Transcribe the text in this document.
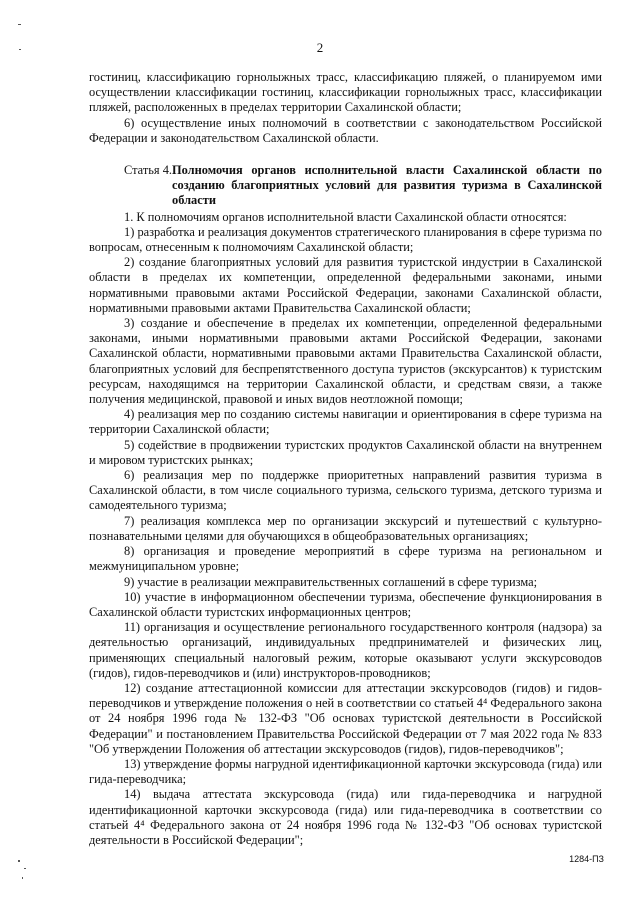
2

гостиниц, классификацию горнолыжных трасс, классификацию пляжей, о планируемом ими осуществлении классификации гостиниц, классификации горнолыжных трасс, классификации пляжей, расположенных в пределах территории Сахалинской области;

6) осуществление иных полномочий в соответствии с законодательством Российской Федерации и законодательством Сахалинской области.

Статья 4. Полномочия органов исполнительной власти Сахалинской области по созданию благоприятных условий для развития туризма в Сахалинской области

1. К полномочиям органов исполнительной власти Сахалинской области относятся:

1) разработка и реализация документов стратегического планирования в сфере туризма по вопросам, отнесенным к полномочиям Сахалинской области;

2) создание благоприятных условий для развития туристской индустрии в Сахалинской области в пределах их компетенции, определенной федеральными законами, иными нормативными правовыми актами Российской Федерации, законами Сахалинской области, нормативными правовыми актами Правительства Сахалинской области;

3) создание и обеспечение в пределах их компетенции, определенной федеральными законами, иными нормативными правовыми актами Российской Федерации, законами Сахалинской области, нормативными правовыми актами Правительства Сахалинской области, благоприятных условий для беспрепятственного доступа туристов (экскурсантов) к туристским ресурсам, находящимся на территории Сахалинской области, и средствам связи, а также получения медицинской, правовой и иных видов неотложной помощи;

4) реализация мер по созданию системы навигации и ориентирования в сфере туризма на территории Сахалинской области;

5) содействие в продвижении туристских продуктов Сахалинской области на внутреннем и мировом туристских рынках;

6) реализация мер по поддержке приоритетных направлений развития туризма в Сахалинской области, в том числе социального туризма, сельского туризма, детского туризма и самодеятельного туризма;

7) реализация комплекса мер по организации экскурсий и путешествий с культурно-познавательными целями для обучающихся в общеобразовательных организациях;

8) организация и проведение мероприятий в сфере туризма на региональном и межмуниципальном уровне;

9) участие в реализации межправительственных соглашений в сфере туризма;

10) участие в информационном обеспечении туризма, обеспечение функционирования в Сахалинской области туристских информационных центров;

11) организация и осуществление регионального государственного контроля (надзора) за деятельностью организаций, индивидуальных предпринимателей и физических лиц, применяющих специальный налоговый режим, которые оказывают услуги экскурсоводов (гидов), гидов-переводчиков и (или) инструкторов-проводников;

12) создание аттестационной комиссии для аттестации экскурсоводов (гидов) и гидов-переводчиков и утверждение положения о ней в соответствии со статьей 4⁴ Федерального закона от 24 ноября 1996 года № 132-ФЗ "Об основах туристской деятельности в Российской Федерации" и постановлением Правительства Российской Федерации от 7 мая 2022 года № 833 "Об утверждении Положения об аттестации экскурсоводов (гидов), гидов-переводчиков";

13) утверждение формы нагрудной идентификационной карточки экскурсовода (гида) или гида-переводчика;

14) выдача аттестата экскурсовода (гида) или гида-переводчика и нагрудной идентификационной карточки экскурсовода (гида) или гида-переводчика в соответствии со статьей 4⁴ Федерального закона от 24 ноября 1996 года № 132-ФЗ "Об основах туристской деятельности в Российской Федерации";

1284-ПЗ
